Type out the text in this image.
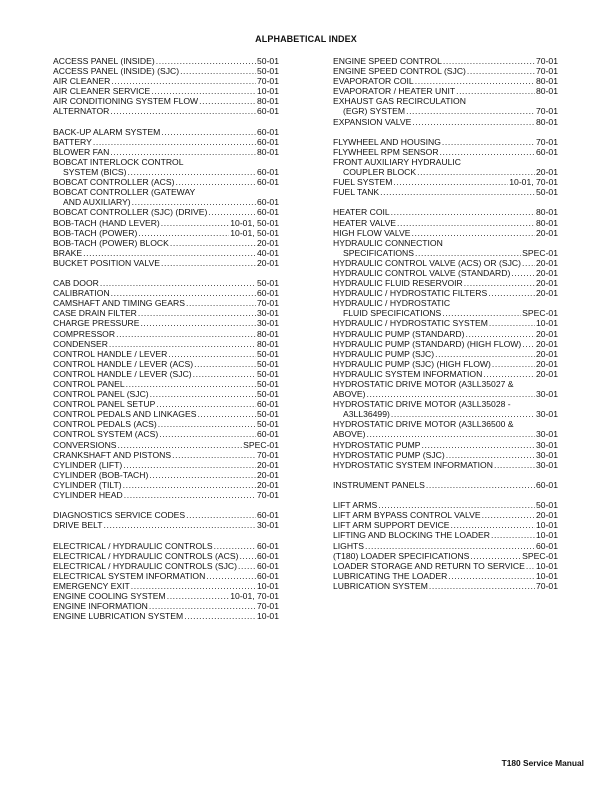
ALPHABETICAL INDEX
ACCESS PANEL (INSIDE) .....	50-01
ACCESS PANEL (INSIDE) (SJC) .....	50-01
AIR CLEANER .....	70-01
AIR CLEANER SERVICE .....	10-01
AIR CONDITIONING SYSTEM FLOW .....	80-01
ALTERNATOR .....	60-01
BACK-UP ALARM SYSTEM .....	60-01
BATTERY .....	60-01
BLOWER FAN .....	80-01
BOBCAT INTERLOCK CONTROL
SYSTEM (BICS) .....	60-01
BOBCAT CONTROLLER (ACS) .....	60-01
BOBCAT CONTROLLER (GATEWAY
AND AUXILIARY) .....	60-01
BOBCAT CONTROLLER (SJC) (DRIVE) .....	60-01
BOB-TACH (HAND LEVER) .....	10-01, 50-01
BOB-TACH (POWER) .....	10-01, 50-01
BOB-TACH (POWER) BLOCK .....	20-01
BRAKE .....	40-01
BUCKET POSITION VALVE .....	20-01
CAB DOOR .....	50-01
CALIBRATION .....	60-01
CAMSHAFT AND TIMING GEARS .....	70-01
CASE DRAIN FILTER .....	30-01
CHARGE PRESSURE .....	30-01
COMPRESSOR .....	80-01
CONDENSER .....	80-01
CONTROL HANDLE / LEVER .....	50-01
CONTROL HANDLE / LEVER (ACS) .....	50-01
CONTROL HANDLE / LEVER (SJC) .....	50-01
CONTROL PANEL .....	50-01
CONTROL PANEL (SJC) .....	50-01
CONTROL PANEL SETUP .....	60-01
CONTROL PEDALS AND LINKAGES .....	50-01
CONTROL PEDALS (ACS) .....	50-01
CONTROL SYSTEM (ACS) .....	60-01
CONVERSIONS .....	SPEC-01
CRANKSHAFT AND PISTONS .....	70-01
CYLINDER (LIFT) .....	20-01
CYLINDER (BOB-TACH) .....	20-01
CYLINDER (TILT) .....	20-01
CYLINDER HEAD .....	70-01
DIAGNOSTICS SERVICE CODES .....	60-01
DRIVE BELT .....	30-01
ELECTRICAL / HYDRAULIC CONTROLS .....	60-01
ELECTRICAL / HYDRAULIC CONTROLS (ACS) ..... 60-01
ELECTRICAL / HYDRAULIC CONTROLS (SJC) ..... 60-01
ELECTRICAL SYSTEM INFORMATION .....	60-01
EMERGENCY EXIT .....	10-01
ENGINE COOLING SYSTEM .....	10-01, 70-01
ENGINE INFORMATION .....	70-01
ENGINE LUBRICATION SYSTEM .....	10-01
ENGINE SPEED CONTROL .....	70-01
ENGINE SPEED CONTROL (SJC) .....	70-01
EVAPORATOR COIL .....	80-01
EVAPORATOR / HEATER UNIT .....	80-01
EXHAUST GAS RECIRCULATION
(EGR) SYSTEM .....	70-01
EXPANSION VALVE .....	80-01
FLYWHEEL AND HOUSING .....	70-01
FLYWHEEL RPM SENSOR .....	60-01
FRONT AUXILIARY HYDRAULIC
COUPLER BLOCK .....	20-01
FUEL SYSTEM .....	10-01, 70-01
FUEL TANK .....	50-01
HEATER COIL .....	80-01
HEATER VALVE .....	80-01
HIGH FLOW VALVE .....	20-01
HYDRAULIC CONNECTION
SPECIFICATIONS .....	SPEC-01
HYDRAULIC CONTROL VALVE (ACS) OR (SJC) ..... 20-01
HYDRAULIC CONTROL VALVE (STANDARD) .....	20-01
HYDRAULIC FLUID RESERVOIR .....	20-01
HYDRAULIC / HYDROSTATIC FILTERS .....	20-01
HYDRAULIC / HYDROSTATIC
FLUID SPECIFICATIONS .....	SPEC-01
HYDRAULIC / HYDROSTATIC SYSTEM .....	10-01
HYDRAULIC PUMP (STANDARD) .....	20-01
HYDRAULIC PUMP (STANDARD) (HIGH FLOW) ..... 20-01
HYDRAULIC PUMP (SJC) .....	20-01
HYDRAULIC PUMP (SJC) (HIGH FLOW) .....	20-01
HYDRAULIC SYSTEM INFORMATION .....	20-01
HYDROSTATIC DRIVE MOTOR (A3LL35027 &
ABOVE) .....	30-01
HYDROSTATIC DRIVE MOTOR (A3LL35028 -
A3LL36499) .....	30-01
HYDROSTATIC DRIVE MOTOR (A3LL36500 &
ABOVE) .....	30-01
HYDROSTATIC PUMP .....	30-01
HYDROSTATIC PUMP (SJC) .....	30-01
HYDROSTATIC SYSTEM INFORMATION .....	30-01
INSTRUMENT PANELS .....	60-01
LIFT ARMS .....	50-01
LIFT ARM BYPASS CONTROL VALVE .....	20-01
LIFT ARM SUPPORT DEVICE .....	10-01
LIFTING AND BLOCKING THE LOADER .....	10-01
LIGHTS .....	60-01
(T180) LOADER SPECIFICATIONS .....	SPEC-01
LOADER STORAGE AND RETURN TO SERVICE ..... 10-01
LUBRICATING THE LOADER .....	10-01
LUBRICATION SYSTEM .....	70-01
T180 Service Manual
